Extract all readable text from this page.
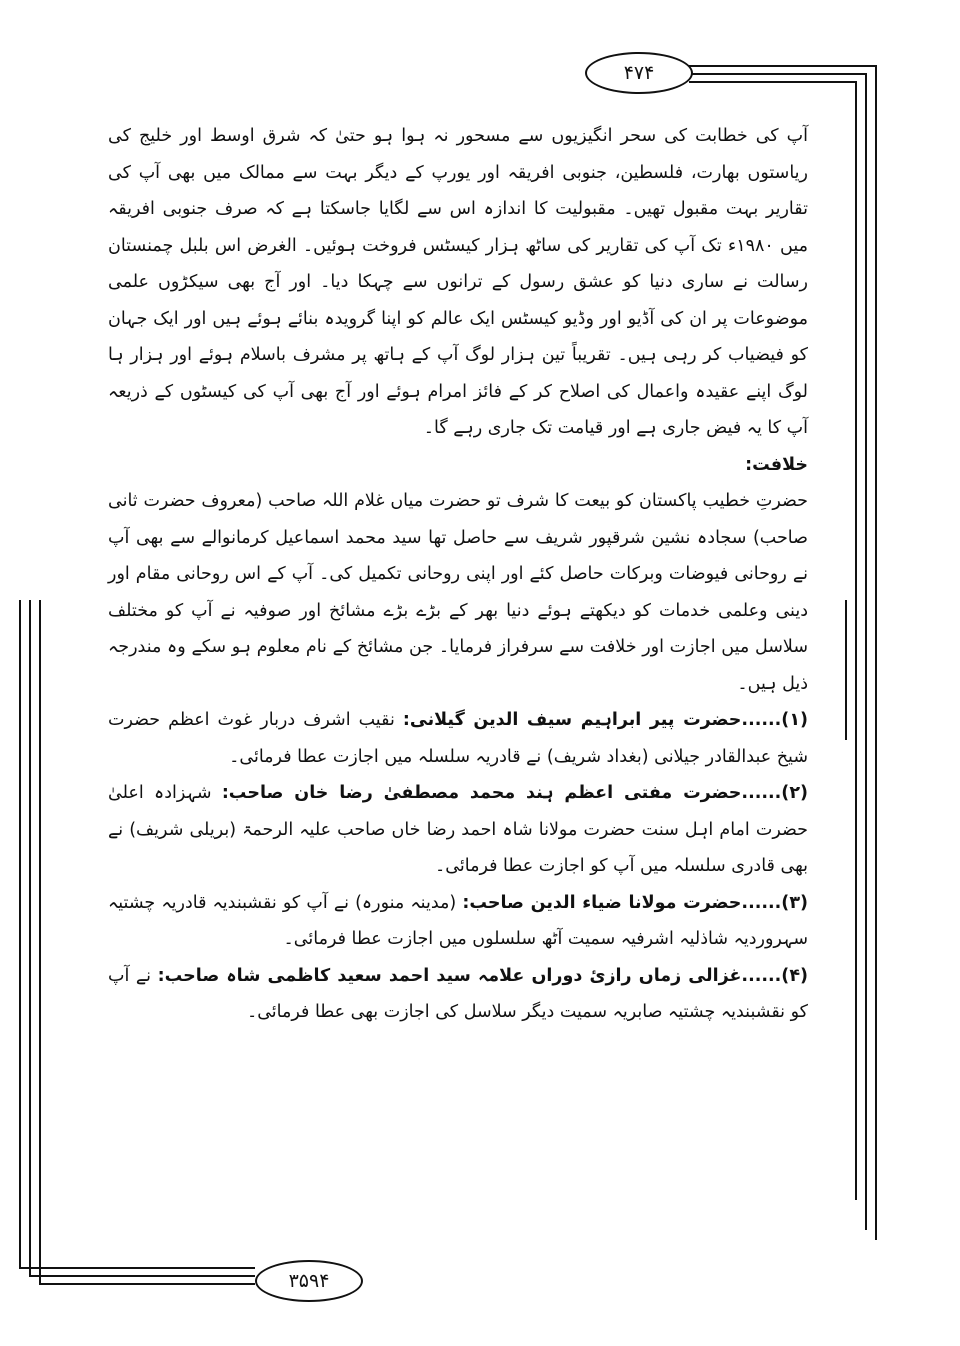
۴۷۴
۳۵۹۴

آپ کی خطابت کی سحر انگیزیوں سے مسحور نہ ہوا ہو حتیٰ کہ شرق اوسط اور خلیج کی ریاستوں بھارت، فلسطین، جنوبی افریقہ اور یورپ کے دیگر بہت سے ممالک میں بھی آپ کی تقاریر بہت مقبول تھیں۔ مقبولیت کا اندازہ اس سے لگایا جاسکتا ہے کہ صرف جنوبی افریقہ میں ۱۹۸۰ء تک آپ کی تقاریر کی ساٹھ ہزار کیسٹس فروخت ہوئیں۔ الغرض اس بلبل چمنستان رسالت نے ساری دنیا کو عشق رسول کے ترانوں سے چہکا دیا۔ اور آج بھی سیکڑوں علمی موضوعات پر ان کی آڈیو اور وڈیو کیسٹس ایک عالم کو اپنا گرویدہ بنائے ہوئے ہیں اور ایک جہان کو فیضیاب کر رہی ہیں۔ تقریباً تین ہزار لوگ آپ کے ہاتھ پر مشرف باسلام ہوئے اور ہزار ہا لوگ اپنے عقیدہ واعمال کی اصلاح کر کے فائز امرام ہوئے اور آج بھی آپ کی کیسٹوں کے ذریعہ آپ کا یہ فیض جاری ہے اور قیامت تک جاری رہے گا۔

خلافت:

حضرتِ خطیب پاکستان کو بیعت کا شرف تو حضرت میاں غلام اللہ صاحب (معروف حضرت ثانی صاحب) سجادہ نشین شرقپور شریف سے حاصل تھا سید محمد اسماعیل کرمانوالے سے بھی آپ نے روحانی فیوضات وبرکات حاصل کئے اور اپنی روحانی تکمیل کی۔ آپ کے اس روحانی مقام اور دینی وعلمی خدمات کو دیکھتے ہوئے دنیا بھر کے بڑے بڑے مشائخ اور صوفیہ نے آپ کو مختلف سلاسل میں اجازت اور خلافت سے سرفراز فرمایا۔ جن مشائخ کے نام معلوم ہو سکے وہ مندرجہ ذیل ہیں۔

(۱)......حضرت پیر ابراہیم سیف الدین گیلانی: نقیب اشرف دربار غوث اعظم حضرت شیخ عبدالقادر جیلانی (بغداد شریف) نے قادریہ سلسلہ میں اجازت عطا فرمائی۔

(۲)......حضرت مفتی اعظم ہند محمد مصطفیٰ رضا خان صاحب: شہزادہ اعلیٰ حضرت امام اہل سنت حضرت مولانا شاہ احمد رضا خاں صاحب علیہ الرحمۃ (بریلی شریف) نے بھی قادری سلسلہ میں آپ کو اجازت عطا فرمائی۔

(۳)......حضرت مولانا ضیاء الدین صاحب: (مدینہ منورہ) نے آپ کو نقشبندیہ قادریہ چشتیہ سہروردیہ شاذلیہ اشرفیہ سمیت آٹھ سلسلوں میں اجازت عطا فرمائی۔

(۴)......غزالی زماں رازیٔ دوراں علامہ سید احمد سعید کاظمی شاہ صاحب: نے آپ کو نقشبندیہ چشتیہ صابریہ سمیت دیگر سلاسل کی اجازت بھی عطا فرمائی۔
